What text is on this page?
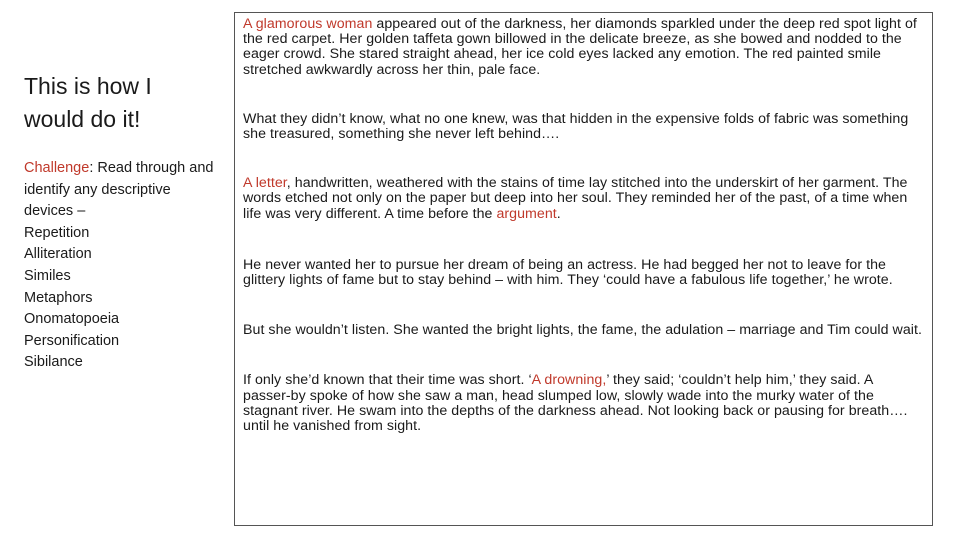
This is how I would do it!
Challenge: Read through and identify any descriptive devices –
Repetition
Alliteration
Similes
Metaphors
Onomatopoeia
Personification
Sibilance

A glamorous woman appeared out of the darkness, her diamonds sparkled under the deep red spot light of the red carpet. Her golden taffeta gown billowed in the delicate breeze, as she bowed and nodded to the eager crowd. She stared straight ahead, her ice cold eyes lacked any emotion. The red painted smile stretched awkwardly across her thin, pale face.

What they didn’t know, what no one knew, was that hidden in the expensive folds of fabric was something she treasured, something she never left behind….

A letter, handwritten, weathered with the stains of time lay stitched into the underskirt of her garment. The words etched not only on the paper but deep into her soul. They reminded her of the past, of a time when life was very different. A time before the argument.

He never wanted her to pursue her dream of being an actress. He had begged her not to leave for the glittery lights of fame but to stay behind – with him. They ‘could have a fabulous life together,’ he wrote.

But she wouldn’t listen. She wanted the bright lights, the fame, the adulation – marriage and Tim could wait.

If only she’d known that their time was short. ‘A drowning,’ they said; ‘couldn’t help him,’ they said. A passer-by spoke of how she saw a man, head slumped low, slowly wade into the murky water of the stagnant river. He swam into the depths of the darkness ahead. Not looking back or pausing for breath…. until he vanished from sight.
